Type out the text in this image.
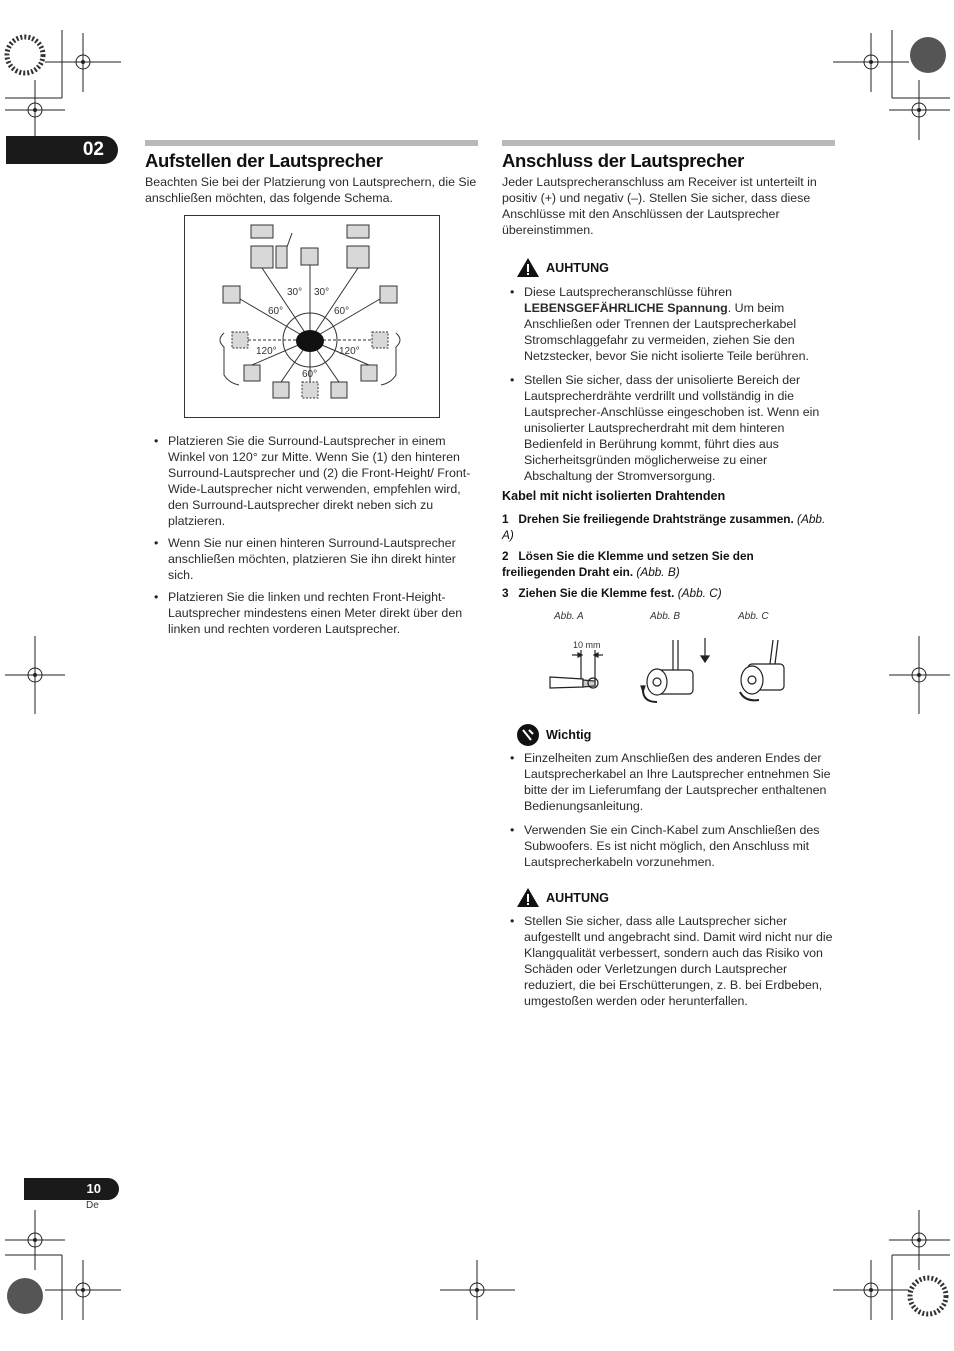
02
Aufstellen der Lautsprecher

Beachten Sie bei der Platzierung von Lautsprechern, die Sie anschließen möchten, das folgende Schema.

30° 30°
60°	60°
120°	120°
60°
• Platzieren Sie die Surround-Lautsprecher in einem Winkel von 120° zur Mitte. Wenn Sie (1) den hinteren Surround-Lautsprecher und (2) die Front-Height/ Front-Wide-Lautsprecher nicht verwenden, empfehlen wird, den Surround-Lautsprecher direkt neben sich zu platzieren.
• Wenn Sie nur einen hinteren Surround-Lautsprecher anschließen möchten, platzieren Sie ihn direkt hinter sich.
• Platzieren Sie die linken und rechten Front-Height-Lautsprecher mindestens einen Meter direkt über den linken und rechten vorderen Lautsprecher.
Anschluss der Lautsprecher

Jeder Lautsprecheranschluss am Receiver ist unterteilt in positiv (+) und negativ (–). Stellen Sie sicher, dass diese Anschlüsse mit den Anschlüssen der Lautsprecher übereinstimmen.

AUHTUNG
• Diese Lautsprecheranschlüsse führen LEBENSGEFÄHRLICHE Spannung. Um beim Anschließen oder Trennen der Lautsprecherkabel Stromschlaggefahr zu vermeiden, ziehen Sie den Netzstecker, bevor Sie nicht isolierte Teile berühren.
• Stellen Sie sicher, dass der unisolierte Bereich der Lautsprecherdrähte verdrillt und vollständig in die Lautsprecher-Anschlüsse eingeschoben ist. Wenn ein unisolierter Lautsprecherdraht mit dem hinteren Bedienfeld in Berührung kommt, führt dies aus Sicherheitsgründen möglicherweise zu einer Abschaltung der Stromversorgung.
Kabel mit nicht isolierten Drahtenden
1 Drehen Sie freiliegende Drahtstränge zusammen. (Abb. A)
2 Lösen Sie die Klemme und setzen Sie den freiliegenden Draht ein. (Abb. B)
3 Ziehen Sie die Klemme fest. (Abb. C)
Abb. A	Abb. B	Abb. C
10 mm
Wichtig
• Einzelheiten zum Anschließen des anderen Endes der Lautsprecherkabel an Ihre Lautsprecher entnehmen Sie bitte der im Lieferumfang der Lautsprecher enthaltenen Bedienungsanleitung.
• Verwenden Sie ein Cinch-Kabel zum Anschließen des Subwoofers. Es ist nicht möglich, den Anschluss mit Lautsprecherkabeln vorzunehmen.
AUHTUNG
• Stellen Sie sicher, dass alle Lautsprecher sicher aufgestellt und angebracht sind. Damit wird nicht nur die Klangqualität verbessert, sondern auch das Risiko von Schäden oder Verletzungen durch Lautsprecher reduziert, die bei Erschütterungen, z. B. bei Erdbeben, umgestoßen werden oder herunterfallen.
10
De
